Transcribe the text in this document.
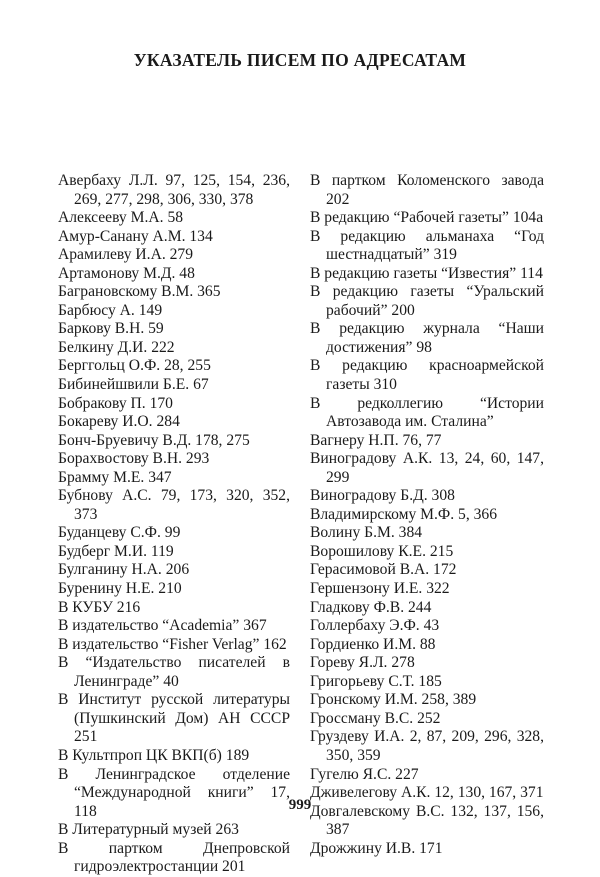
УКАЗАТЕЛЬ ПИСЕМ ПО АДРЕСАТАМ
Авербаху Л.Л. 97, 125, 154, 236, 269, 277, 298, 306, 330, 378
Алексееву М.А. 58
Амур-Санану А.М. 134
Арамилеву И.А. 279
Артамонову М.Д. 48
Баграновскому В.М. 365
Барбюсу А. 149
Баркову В.Н. 59
Белкину Д.И. 222
Берггольц О.Ф. 28, 255
Бибинейшвили Б.Е. 67
Бобракову П. 170
Бокареву И.О. 284
Бонч-Бруевичу В.Д. 178, 275
Борахвостову В.Н. 293
Брамму М.Е. 347
Бубнову А.С. 79, 173, 320, 352, 373
Буданцеву С.Ф. 99
Будберг М.И. 119
Булганину Н.А. 206
Буренину Н.Е. 210
В КУБУ 216
В издательство “Academia” 367
В издательство “Fisher Verlag” 162
В “Издательство писателей в Ленинграде” 40
В Институт русской литературы (Пушкинский Дом) АН СССР 251
В Культпроп ЦК ВКП(б) 189
В Ленинградское отделение “Международной книги” 17, 118
В Литературный музей 263
В партком Днепровской гидроэлектростанции 201
В партком Коломенского завода 202
В редакцию “Рабочей газеты” 104а
В редакцию альманаха “Год шестнадцатый” 319
В редакцию газеты “Известия” 114
В редакцию газеты “Уральский рабочий” 200
В редакцию журнала “Наши достижения” 98
В редакцию красноармейской газеты 310
В редколлегию “Истории Автозавода им. Сталина”
Вагнеру Н.П. 76, 77
Виноградову А.К. 13, 24, 60, 147, 299
Виноградову Б.Д. 308
Владимирскому М.Ф. 5, 366
Волину Б.М. 384
Ворошилову К.Е. 215
Герасимовой В.А. 172
Гершензону И.Е. 322
Гладкову Ф.В. 244
Голлербаху Э.Ф. 43
Гордиенко И.М. 88
Гореву Я.Л. 278
Григорьеву С.Т. 185
Гронскому И.М. 258, 389
Гроссману В.С. 252
Груздеву И.А. 2, 87, 209, 296, 328, 350, 359
Гугелю Я.С. 227
Дживелегову А.К. 12, 130, 167, 371
Довгалевскому В.С. 132, 137, 156, 387
Дрожжину И.В. 171
999
